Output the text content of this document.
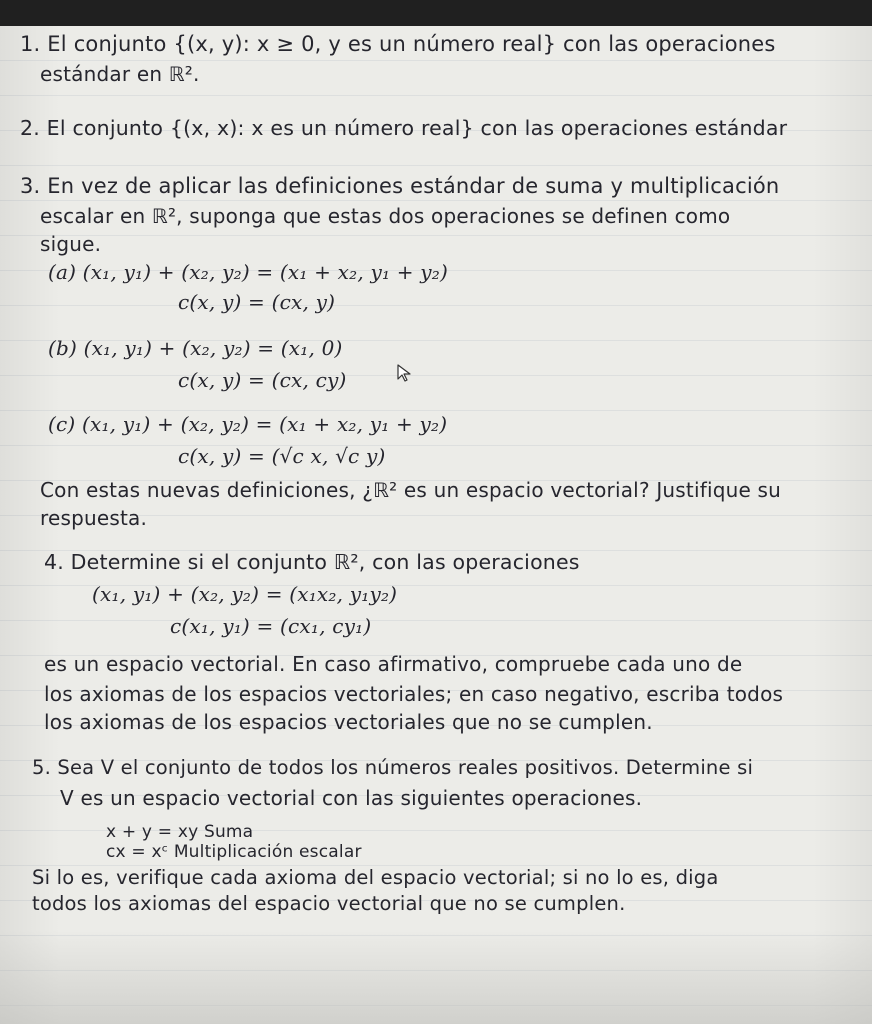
1. El conjunto {(x, y): x ≥ 0, y es un número real} con las operaciones

estándar en ℝ².

2. El conjunto {(x, x): x es un número real} con las operaciones estándar

3. En vez de aplicar las definiciones estándar de suma y multiplicación

escalar en ℝ², suponga que estas dos operaciones se definen como

sigue.

(a) (x₁, y₁) + (x₂, y₂) = (x₁ + x₂, y₁ + y₂)

c(x, y) = (cx, y)

(b) (x₁, y₁) + (x₂, y₂) = (x₁, 0)

c(x, y) = (cx, cy)

(c) (x₁, y₁) + (x₂, y₂) = (x₁ + x₂, y₁ + y₂)

c(x, y) = (√c x, √c y)

Con estas nuevas definiciones, ¿ℝ² es un espacio vectorial? Justifique su

respuesta.

4. Determine si el conjunto ℝ², con las operaciones

(x₁, y₁) + (x₂, y₂) = (x₁x₂, y₁y₂)

c(x₁, y₁) = (cx₁, cy₁)

es un espacio vectorial. En caso afirmativo, compruebe cada uno de

los axiomas de los espacios vectoriales; en caso negativo, escriba todos

los axiomas de los espacios vectoriales que no se cumplen.

5. Sea V el conjunto de todos los números reales positivos. Determine si

V es un espacio vectorial con las siguientes operaciones.

x + y = xy Suma

cx = xᶜ Multiplicación escalar

Si lo es, verifique cada axioma del espacio vectorial; si no lo es, diga

todos los axiomas del espacio vectorial que no se cumplen.
